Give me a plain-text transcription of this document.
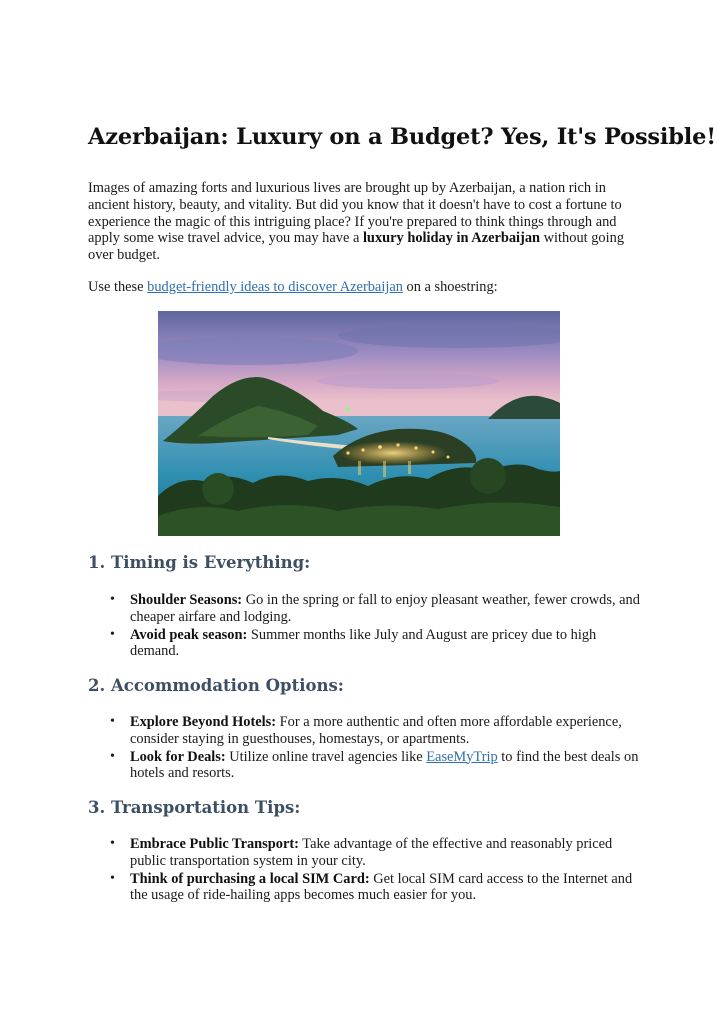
Azerbaijan: Luxury on a Budget? Yes, It's Possible!

Images of amazing forts and luxurious lives are brought up by Azerbaijan, a nation rich in ancient history, beauty, and vitality. But did you know that it doesn't have to cost a fortune to experience the magic of this intriguing place? If you're prepared to think things through and apply some wise travel advice, you may have a luxury holiday in Azerbaijan without going over budget.

Use these budget-friendly ideas to discover Azerbaijan on a shoestring:

1. Timing is Everything:
• Shoulder Seasons: Go in the spring or fall to enjoy pleasant weather, fewer crowds, and cheaper airfare and lodging.
• Avoid peak season: Summer months like July and August are pricey due to high demand.
2. Accommodation Options:
• Explore Beyond Hotels: For a more authentic and often more affordable experience, consider staying in guesthouses, homestays, or apartments.
• Look for Deals: Utilize online travel agencies like EaseMyTrip to find the best deals on hotels and resorts.
3. Transportation Tips:
• Embrace Public Transport: Take advantage of the effective and reasonably priced public transportation system in your city.
• Think of purchasing a local SIM Card: Get local SIM card access to the Internet and the usage of ride-hailing apps becomes much easier for you.
